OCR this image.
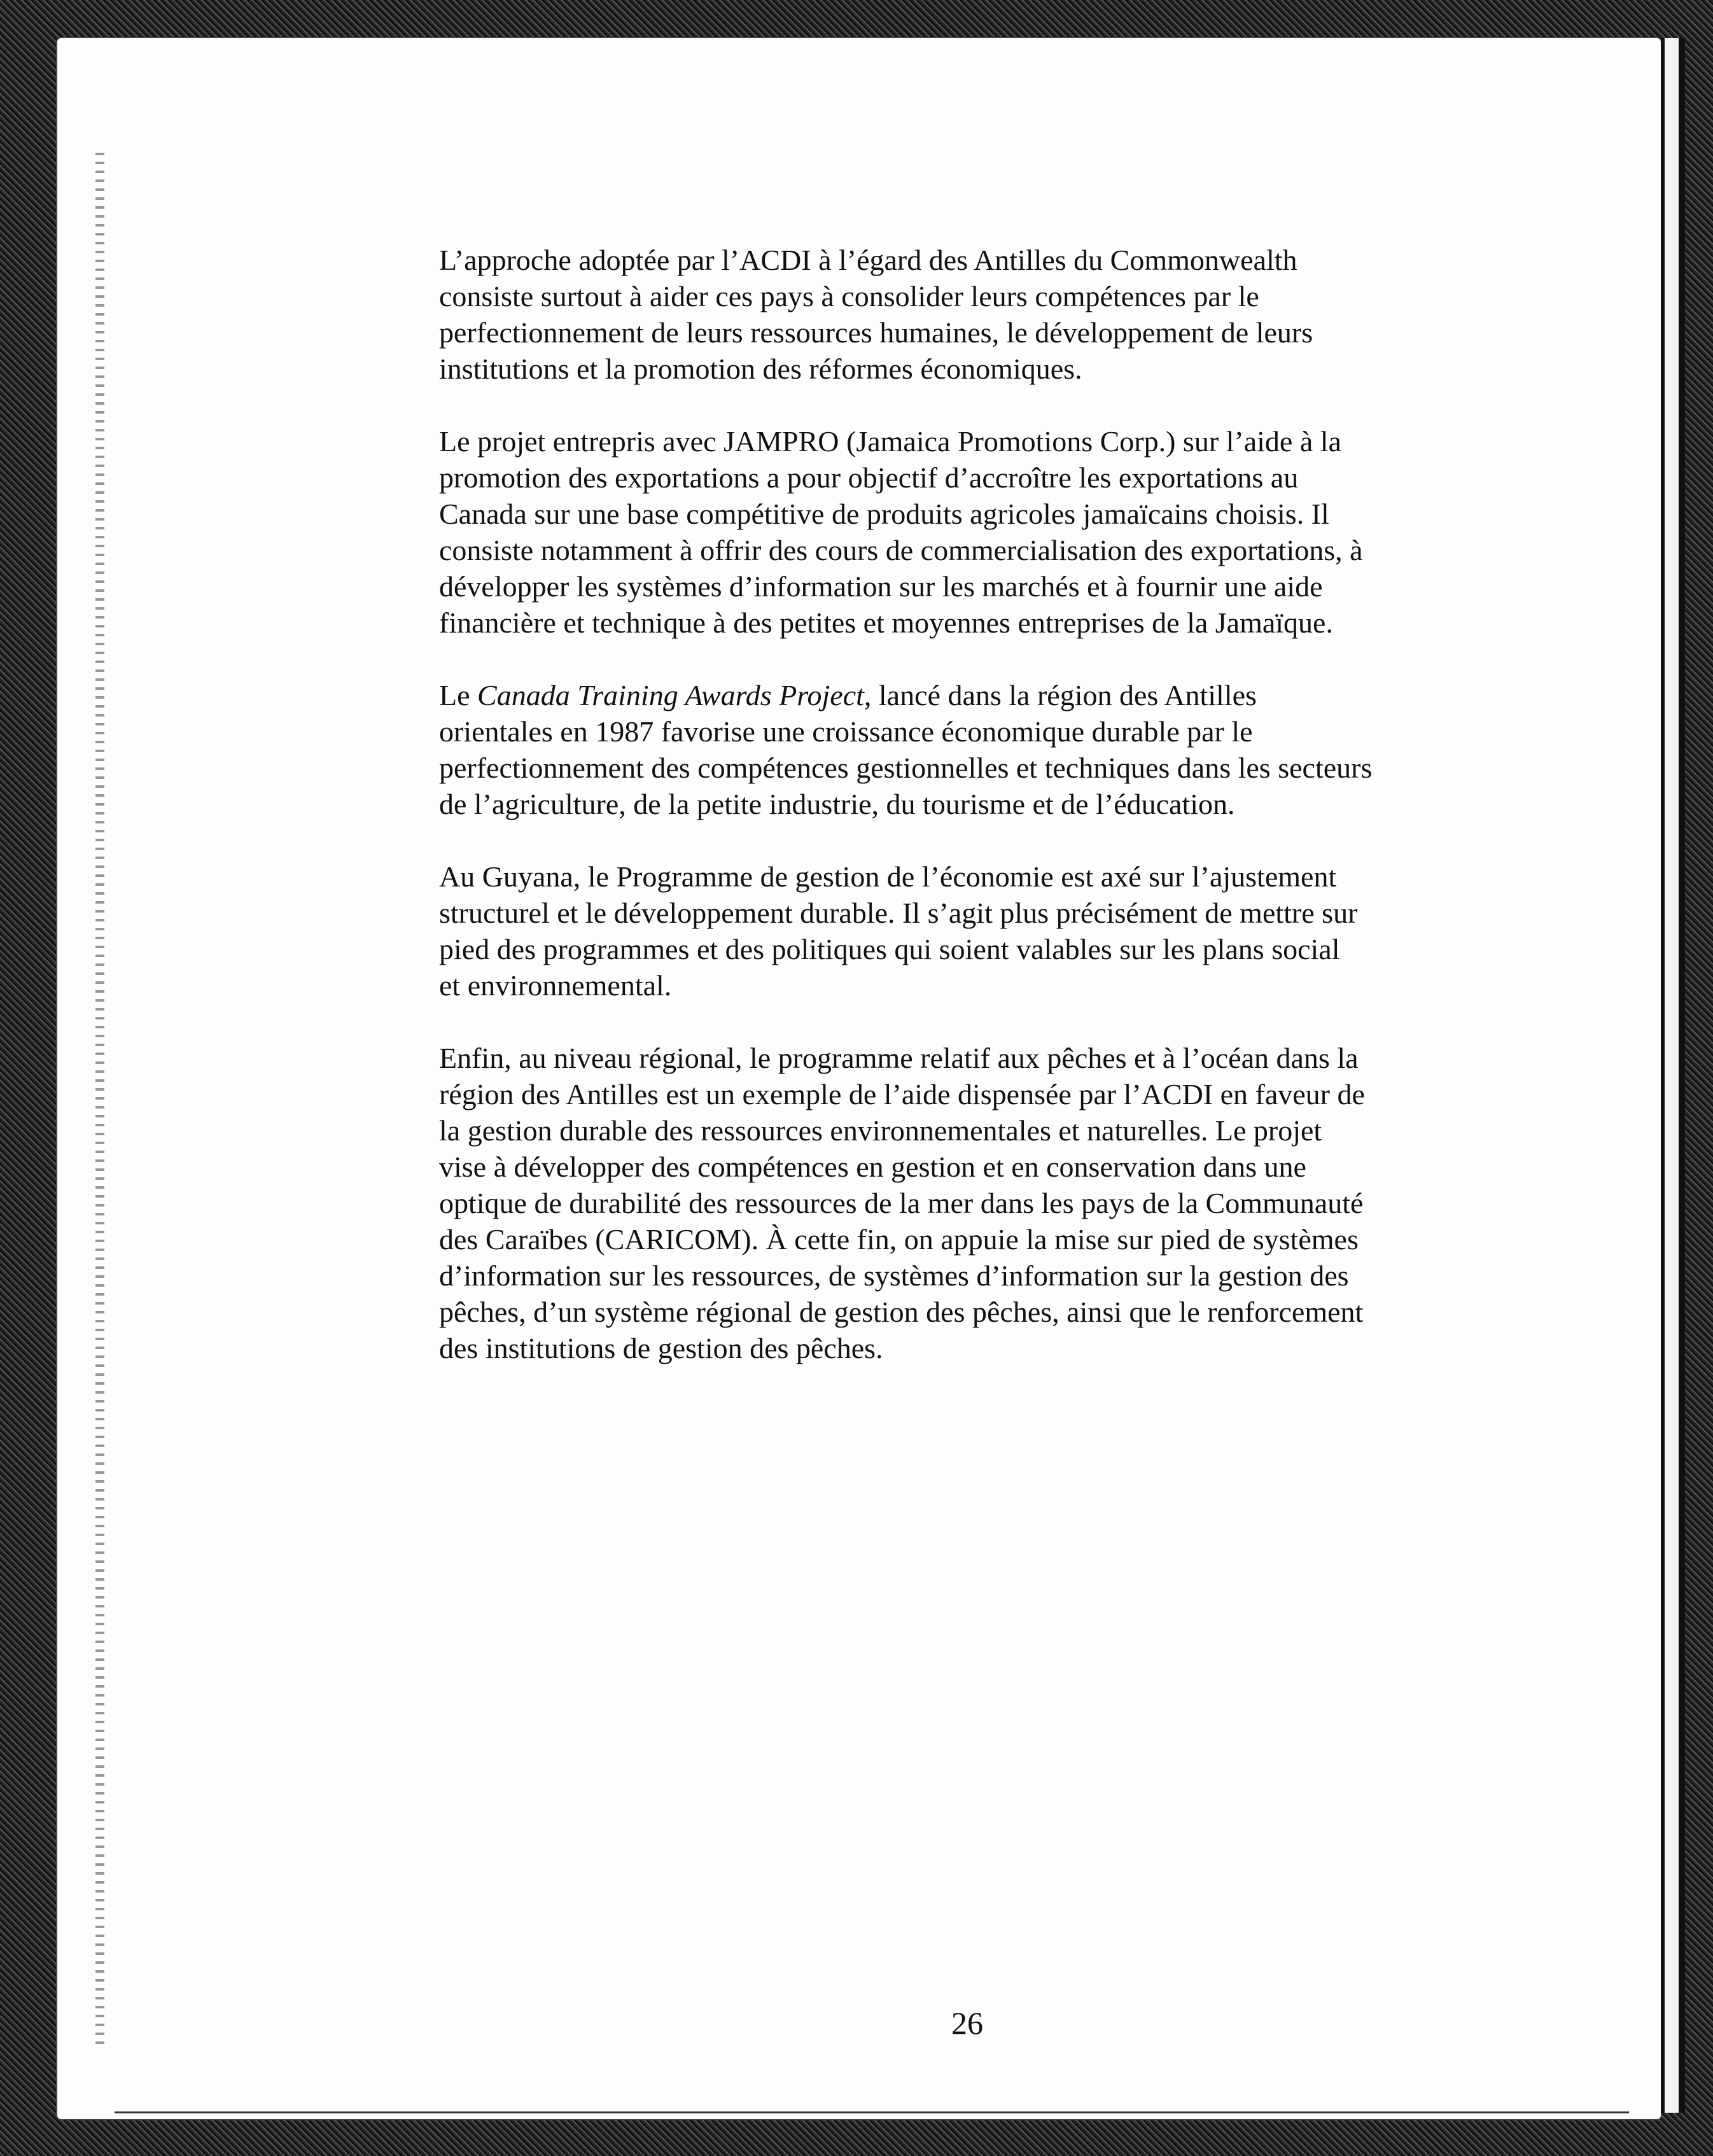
L’approche adoptée par l’ACDI à l’égard des Antilles du Commonwealth
consiste surtout à aider ces pays à consolider leurs compétences par le
perfectionnement de leurs ressources humaines, le développement de leurs
institutions et la promotion des réformes économiques.

Le projet entrepris avec JAMPRO (Jamaica Promotions Corp.) sur l’aide à la
promotion des exportations a pour objectif d’accroître les exportations au
Canada sur une base compétitive de produits agricoles jamaïcains choisis. Il
consiste notamment à offrir des cours de commercialisation des exportations, à
développer les systèmes d’information sur les marchés et à fournir une aide
financière et technique à des petites et moyennes entreprises de la Jamaïque.

Le Canada Training Awards Project, lancé dans la région des Antilles
orientales en 1987 favorise une croissance économique durable par le
perfectionnement des compétences gestionnelles et techniques dans les secteurs
de l’agriculture, de la petite industrie, du tourisme et de l’éducation.

Au Guyana, le Programme de gestion de l’économie est axé sur l’ajustement
structurel et le développement durable. Il s’agit plus précisément de mettre sur
pied des programmes et des politiques qui soient valables sur les plans social
et environnemental.

Enfin, au niveau régional, le programme relatif aux pêches et à l’océan dans la
région des Antilles est un exemple de l’aide dispensée par l’ACDI en faveur de
la gestion durable des ressources environnementales et naturelles. Le projet
vise à développer des compétences en gestion et en conservation dans une
optique de durabilité des ressources de la mer dans les pays de la Communauté
des Caraïbes (CARICOM). À cette fin, on appuie la mise sur pied de systèmes
d’information sur les ressources, de systèmes d’information sur la gestion des
pêches, d’un système régional de gestion des pêches, ainsi que le renforcement
des institutions de gestion des pêches.

26
